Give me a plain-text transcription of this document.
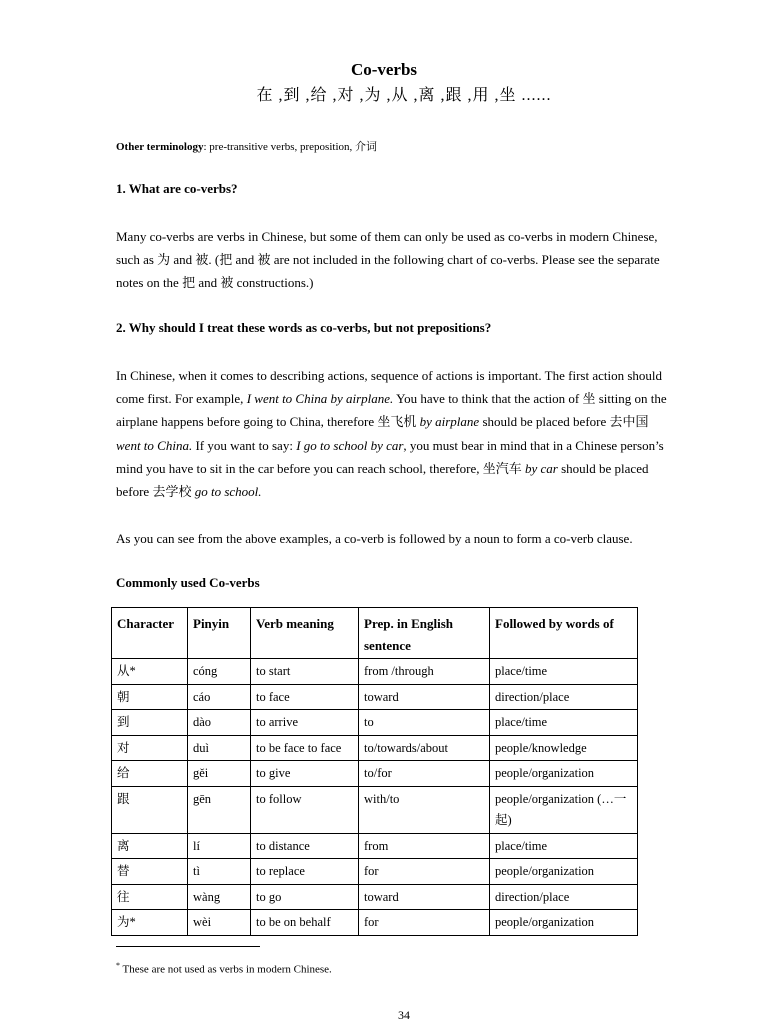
Co-verbs
在 ,到 ,给 ,对 ,为 ,从 ,离 ,跟 ,用 ,坐 ......
Other terminology: pre-transitive verbs, preposition, 介词
1. What are co-verbs?
Many co-verbs are verbs in Chinese, but some of them can only be used as co-verbs in modern Chinese, such as 为 and 被. (把 and 被 are not included in the following chart of co-verbs. Please see the separate notes on the 把 and 被 constructions.)
2. Why should I treat these words as co-verbs, but not prepositions?
In Chinese, when it comes to describing actions, sequence of actions is important. The first action should come first. For example, I went to China by airplane. You have to think that the action of 坐 sitting on the airplane happens before going to China, therefore 坐飞机 by airplane should be placed before 去中国 went to China. If you want to say: I go to school by car, you must bear in mind that in a Chinese person’s mind you have to sit in the car before you can reach school, therefore, 坐汽车 by car should be placed before 去学校 go to school.
As you can see from the above examples, a co-verb is followed by a noun to form a co-verb clause.
Commonly used Co-verbs
Character	Pinyin	Verb meaning	Prep. in English sentence	Followed by words of
从*	cóng	to start	from /through	place/time
朝	cáo	to face	toward	direction/place
到	dào	to arrive	to	place/time
对	duì	to be face to face	to/towards/about	people/knowledge
给	gěi	to give	to/for	people/organization
跟	gēn	to follow	with/to	people/organization (…一起)
离	lí	to distance	from	place/time
替	tì	to replace	for	people/organization
往	wàng	to go	toward	direction/place
为*	wèi	to be on behalf	for	people/organization
* These are not used as verbs in modern Chinese.
34
